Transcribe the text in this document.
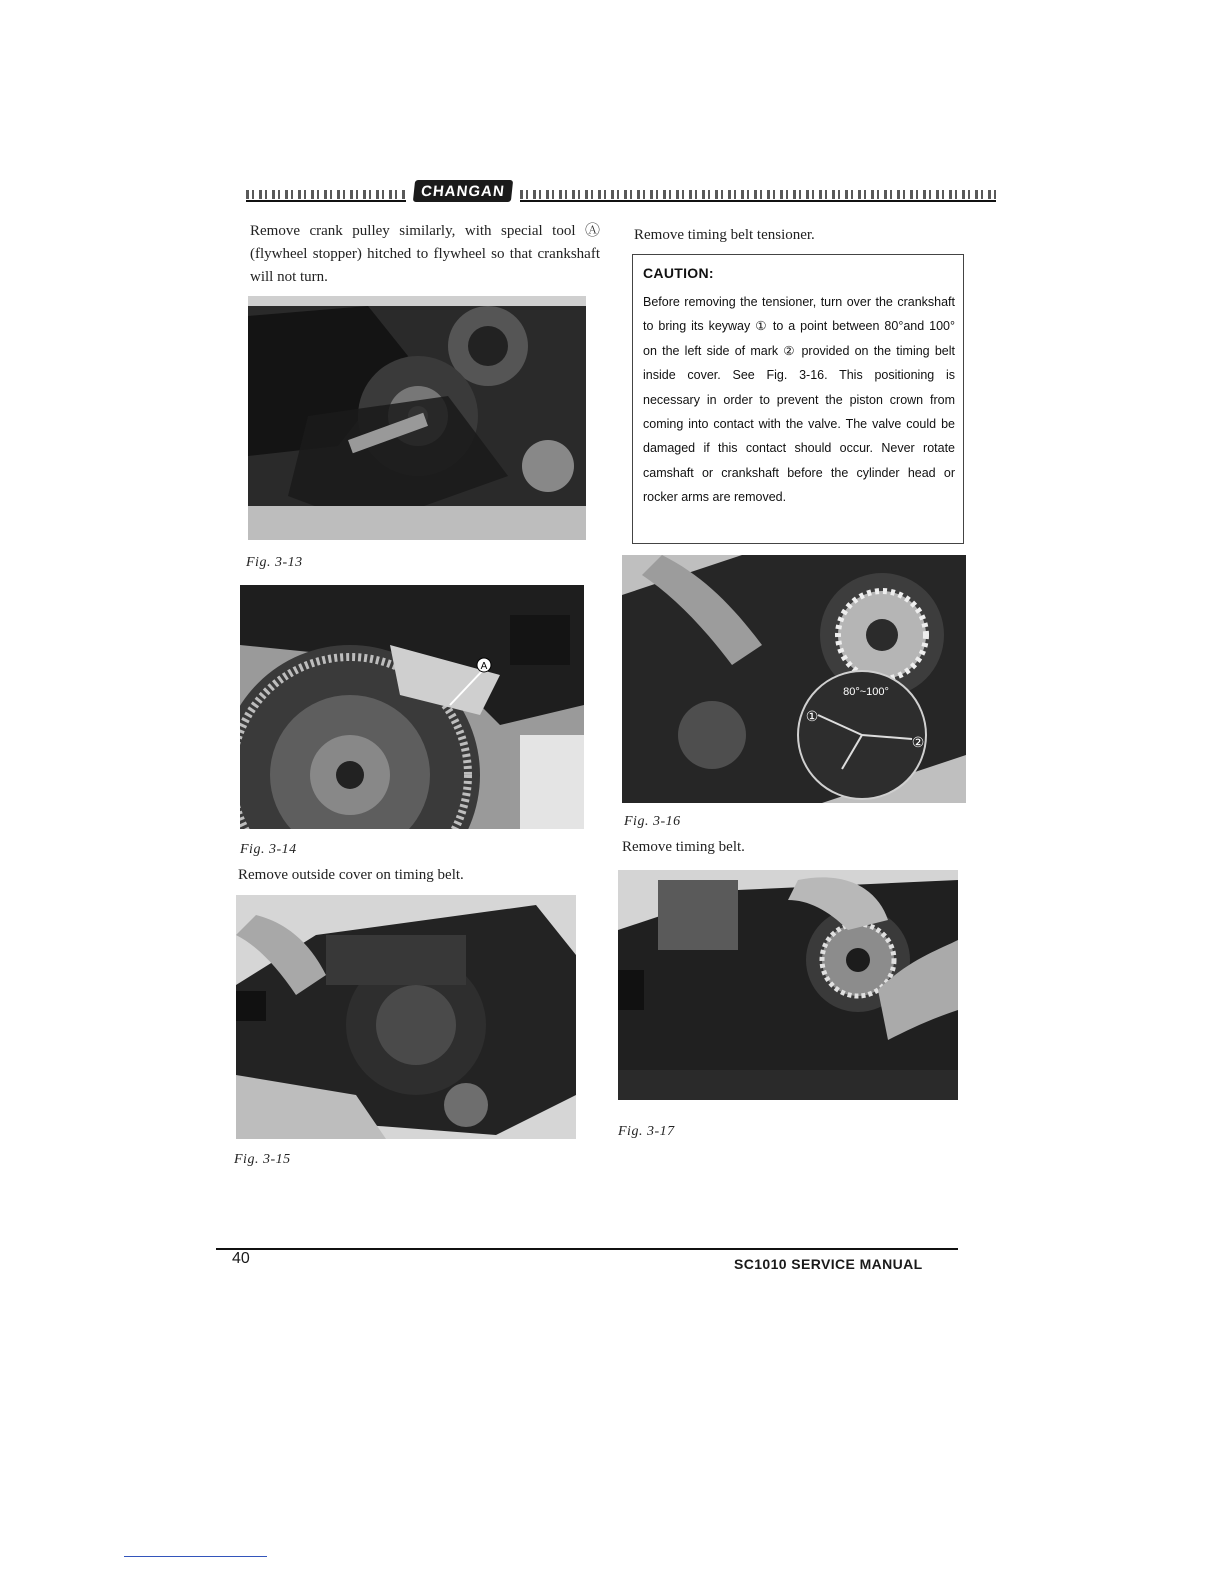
CHANGAN
Remove crank pulley similarly, with special tool Ⓐ (flywheel stopper) hitched to flywheel so that crankshaft will not turn.
Fig. 3-13
A
Fig. 3-14
Remove outside cover on timing belt.
Fig. 3-15
Remove timing belt tensioner.
CAUTION:
Before removing the tensioner, turn over the crankshaft to bring its keyway ① to a point between 80°and 100° on the left side of mark ② provided on the timing belt inside cover. See Fig. 3-16. This positioning is necessary in order to prevent the piston crown from coming into contact with the valve. The valve could be damaged if this contact should occur. Never rotate camshaft or crankshaft before the cylinder head or rocker arms are removed.
80°~100°
①
②
Fig. 3-16
Remove timing belt.
Fig. 3-17
40	SC1010 SERVICE MANUAL
